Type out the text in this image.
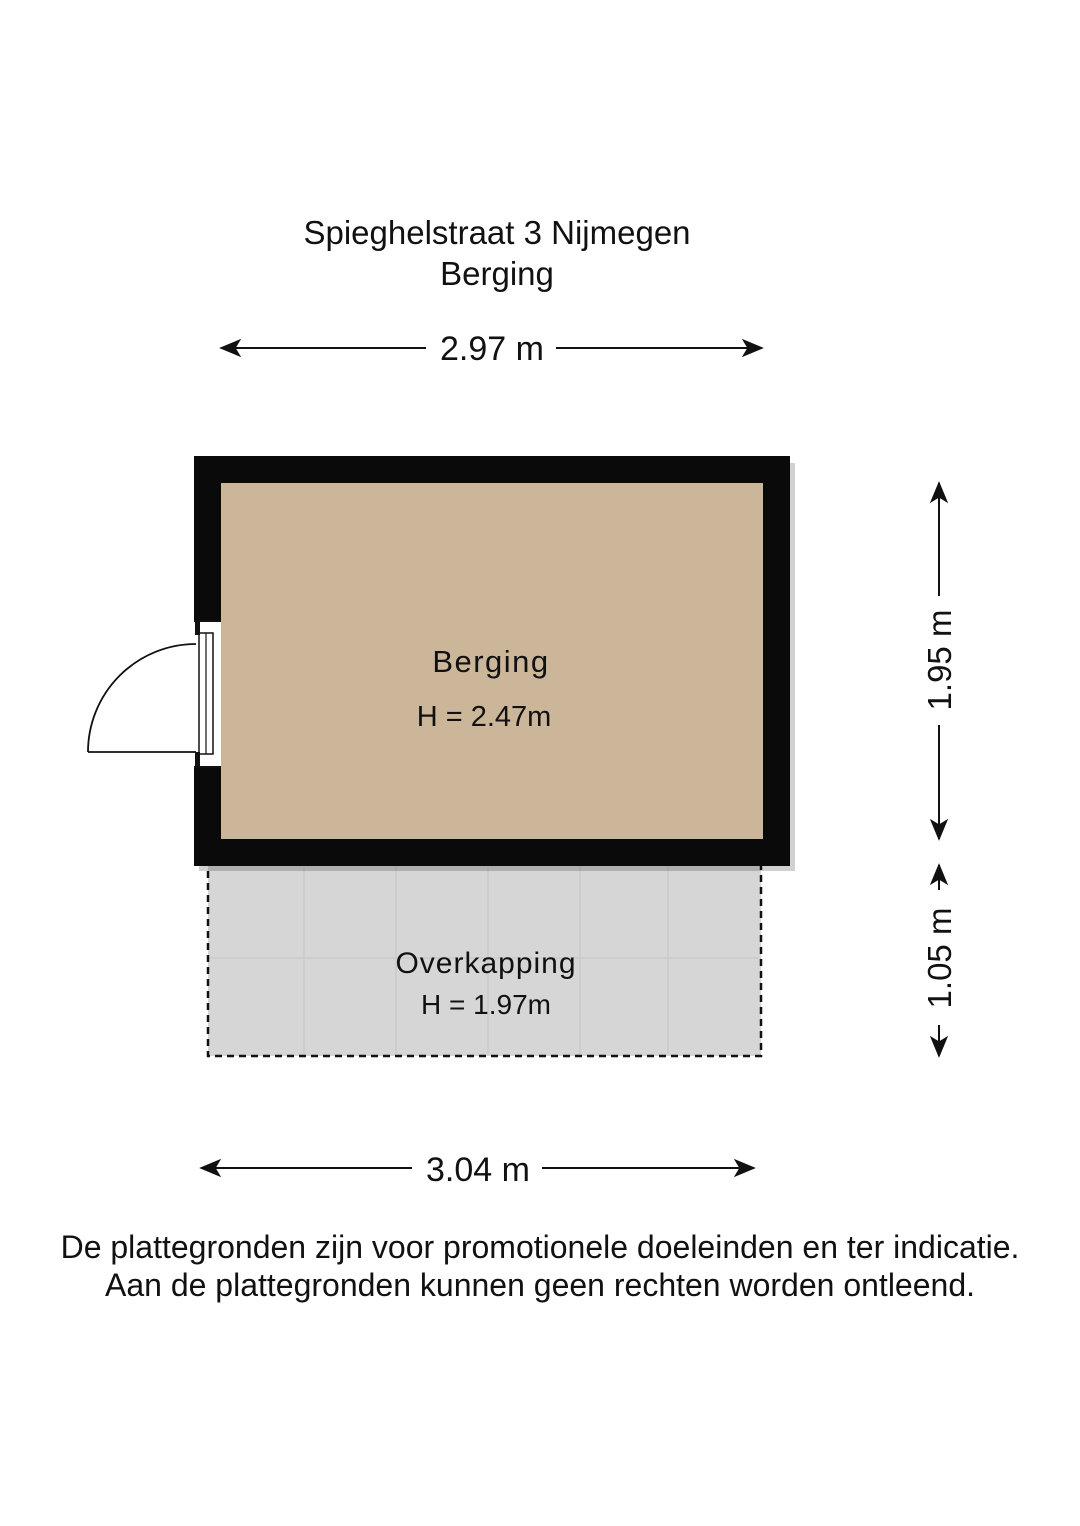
Spieghelstraat 3 Nijmegen
Berging
2.97 m
Overkapping
H = 1.97m
Berging
H = 2.47m
1.95 m
1.05 m
3.04 m
De plattegronden zijn voor promotionele doeleinden en ter indicatie.
Aan de plattegronden kunnen geen rechten worden ontleend.
